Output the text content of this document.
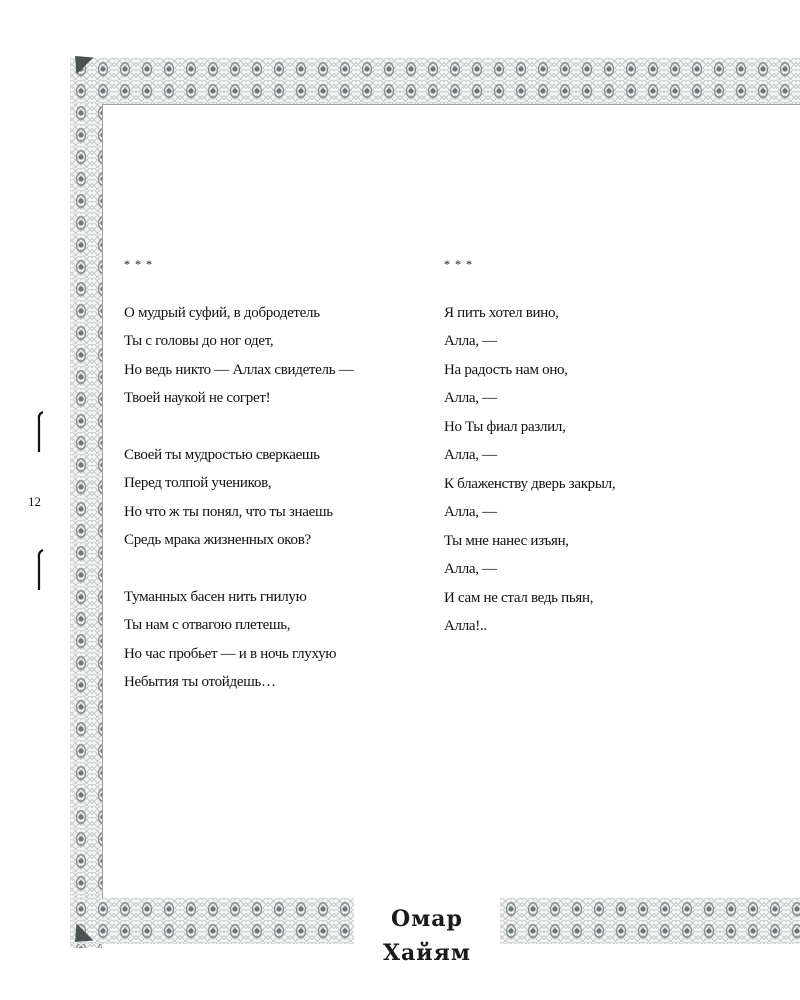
Омар Хайям
12
* * *
О мудрый суфий, в добродетель
Ты с головы до ног одет,
Но ведь никто — Аллах свидетель —
Твоей наукой не согрет!
Своей ты мудростью сверкаешь
Перед толпой учеников,
Но что ж ты понял, что ты знаешь
Средь мрака жизненных оков?
Туманных басен нить гнилую
Ты нам с отвагою плетешь,
Но час пробьет — и в ночь глухую
Небытия ты отойдешь…
* * *
Я пить хотел вино,
Алла, —
На радость нам оно,
Алла, —
Но Ты фиал разлил,
Алла, —
К блаженству дверь закрыл,
Алла, —
Ты мне нанес изъян,
Алла, —
И сам не стал ведь пьян,
Алла!..
